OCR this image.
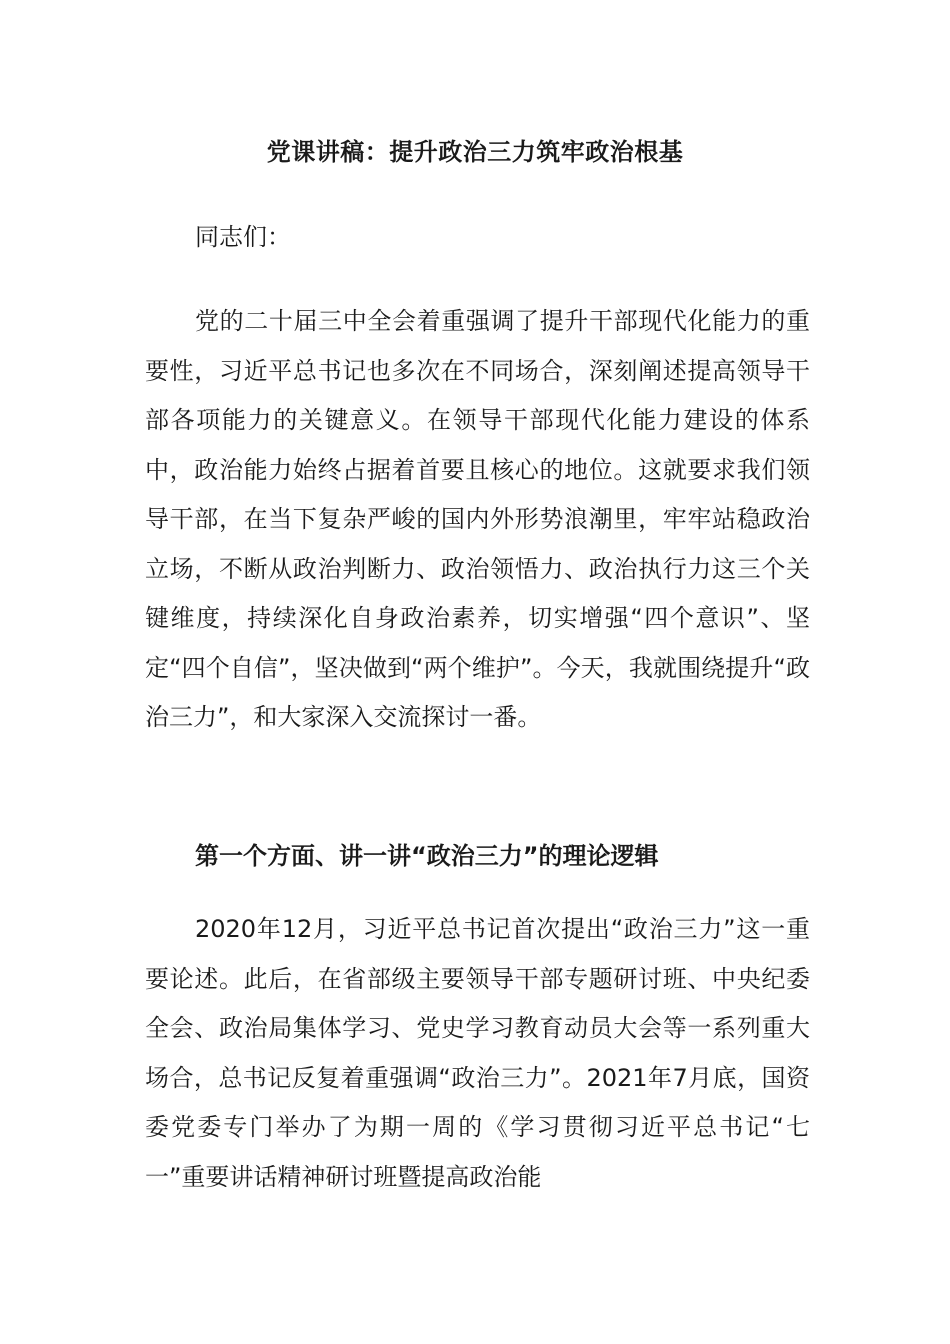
党课讲稿：提升政治三力筑牢政治根基
同志们：

党的二十届三中全会着重强调了提升干部现代化能力的重要性，习近平总书记也多次在不同场合，深刻阐述提高领导干部各项能力的关键意义。在领导干部现代化能力建设的体系中，政治能力始终占据着首要且核心的地位。这就要求我们领导干部，在当下复杂严峻的国内外形势浪潮里，牢牢站稳政治立场，不断从政治判断力、政治领悟力、政治执行力这三个关键维度，持续深化自身政治素养，切实增强“四个意识”、坚定“四个自信”，坚决做到“两个维护”。今天，我就围绕提升“政治三力”，和大家深入交流探讨一番。

第一个方面、讲一讲“政治三力”的理论逻辑

2020年12月，习近平总书记首次提出“政治三力”这一重要论述。此后，在省部级主要领导干部专题研讨班、中央纪委全会、政治局集体学习、党史学习教育动员大会等一系列重大场合，总书记反复着重强调“政治三力”。2021年7月底，国资委党委专门举办了为期一周的《学习贯彻习近平总书记“七一”重要讲话精神研讨班暨提高政治能
